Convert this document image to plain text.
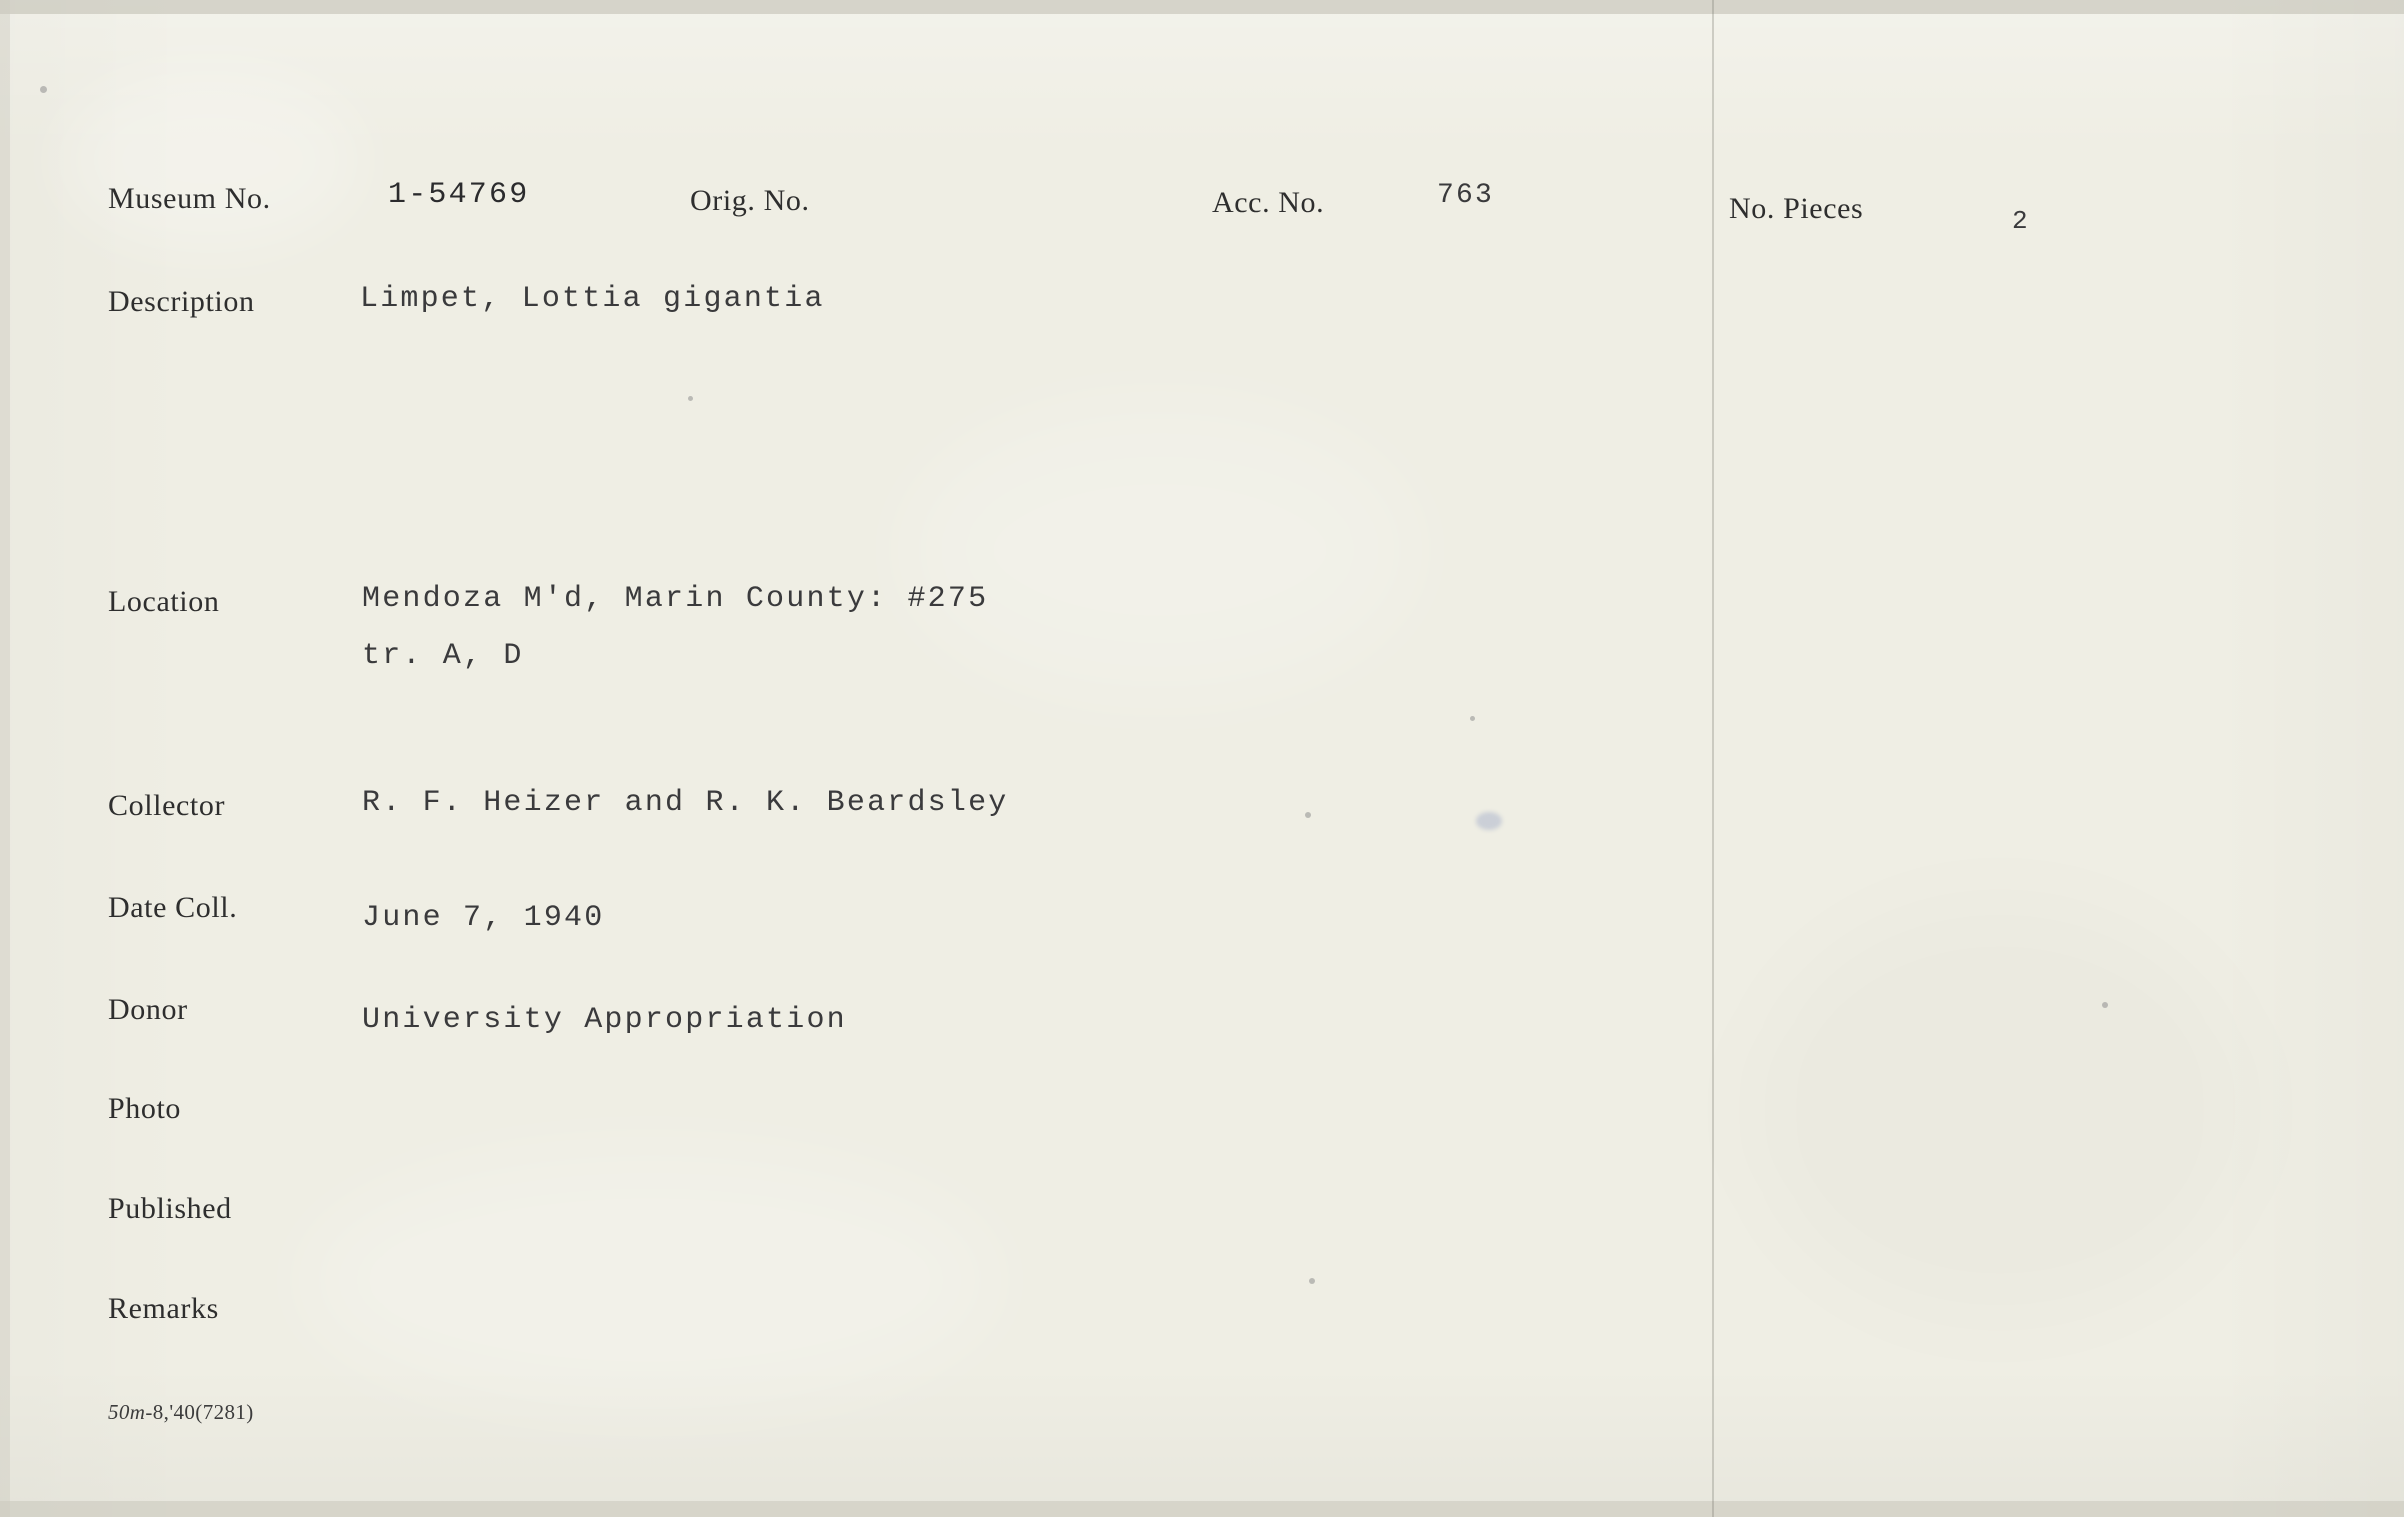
Museum No.	1-54769	Orig. No.	Acc. No.	763	No. Pieces	2
Description	Limpet, Lottia gigantia
Location	Mendoza M'd, Marin County: #275
tr. A, D
Collector	R. F. Heizer and R. K. Beardsley
Date Coll.	June 7, 1940
Donor	University Appropriation
Photo
Published
Remarks
50m-8,'40(7281)
